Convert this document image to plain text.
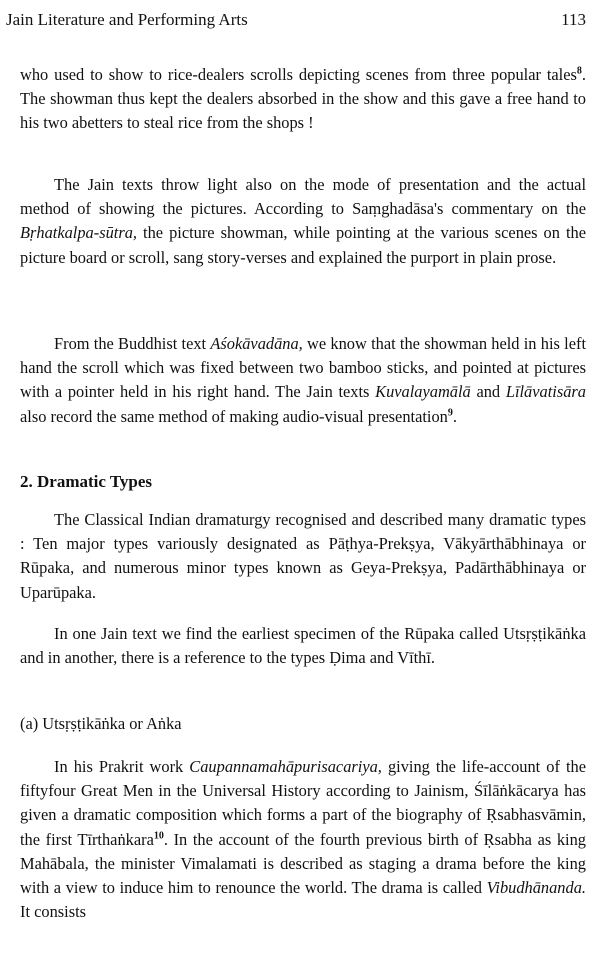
Jain Literature and Performing Arts	113

who used to show to rice-dealers scrolls depicting scenes from three popular tales$^8$. The showman thus kept the dealers absorbed in the show and this gave a free hand to his two abetters to steal rice from the shops !

The Jain texts throw light also on the mode of presentation and the actual method of showing the pictures. According to Saṃghadāsa's commentary on the Bṛhatkalpa-sūtra, the picture showman, while pointing at the various scenes on the picture board or scroll, sang story-verses and explained the purport in plain prose.

From the Buddhist text Aśokāvadāna, we know that the showman held in his left hand the scroll which was fixed between two bamboo sticks, and pointed at pictures with a pointer held in his right hand. The Jain texts Kuvalayamālā and Līlāvatisāra also record the same method of making audio-visual presentation$^9$.

2. Dramatic Types

The Classical Indian dramaturgy recognised and described many dramatic types : Ten major types variously designated as Pāṭhya-Prekṣya, Vākyārthābhinaya or Rūpaka, and numerous minor types known as Geya-Prekṣya, Padārthābhinaya or Uparūpaka.

In one Jain text we find the earliest specimen of the Rūpaka called Utsṛṣṭikāṅka and in another, there is a reference to the types Ḍima and Vīthī.

(a) Utsṛṣṭikāṅka or Aṅka

In his Prakrit work Caupannamahāpurisacariya, giving the life-account of the fiftyfour Great Men in the Universal History according to Jainism, Śīlāṅkācarya has given a dramatic composition which forms a part of the biography of Ṛsabhasvāmin, the first Tīrthaṅkara$^{10}$. In the account of the fourth previous birth of Ṛsabha as king Mahābala, the minister Vimalamati is described as staging a drama before the king with a view to induce him to renounce the world. The drama is called Vibudhānanda. It consists
